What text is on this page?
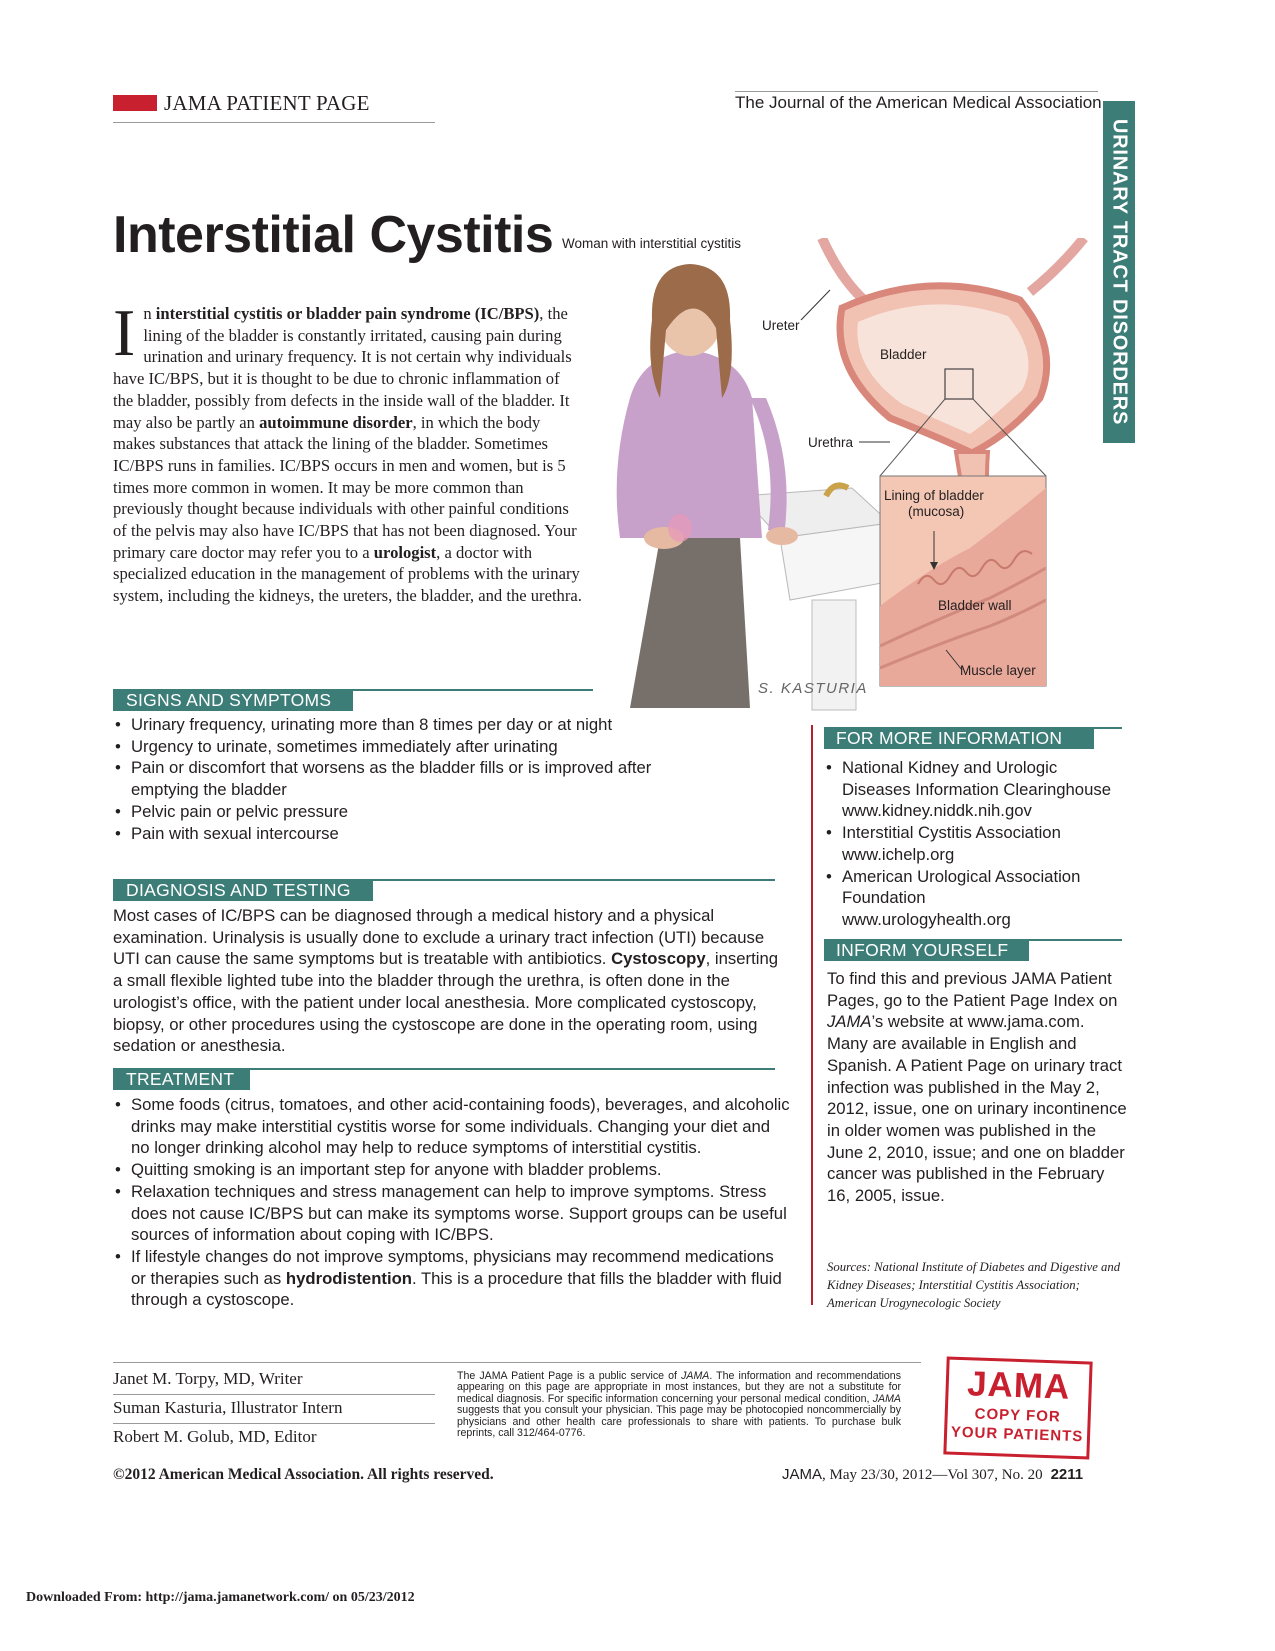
JAMA PATIENT PAGE	The Journal of the American Medical Association
URINARY TRACT DISORDERS
Interstitial Cystitis
In interstitial cystitis or bladder pain syndrome (IC/BPS), the lining of the bladder is constantly irritated, causing pain during urination and urinary frequency. It is not certain why individuals have IC/BPS, but it is thought to be due to chronic inflammation of the bladder, possibly from defects in the inside wall of the bladder. It may also be partly an autoimmune disorder, in which the body makes substances that attack the lining of the bladder. Sometimes IC/BPS runs in families. IC/BPS occurs in men and women, but is 5 times more common in women. It may be more common than previously thought because individuals with other painful conditions of the pelvis may also have IC/BPS that has not been diagnosed. Your primary care doctor may refer you to a urologist, a doctor with specialized education in the management of problems with the urinary system, including the kidneys, the ureters, the bladder, and the urethra.
Woman with interstitial cystitis
Ureter
Bladder
Urethra
Lining of bladder
(mucosa)
Bladder wall
Muscle layer
S. KASTURIA
SIGNS AND SYMPTOMS
• Urinary frequency, urinating more than 8 times per day or at night
• Urgency to urinate, sometimes immediately after urinating
• Pain or discomfort that worsens as the bladder fills or is improved after emptying the bladder
• Pelvic pain or pelvic pressure
• Pain with sexual intercourse
DIAGNOSIS AND TESTING
Most cases of IC/BPS can be diagnosed through a medical history and a physical examination. Urinalysis is usually done to exclude a urinary tract infection (UTI) because UTI can cause the same symptoms but is treatable with antibiotics. Cystoscopy, inserting a small flexible lighted tube into the bladder through the urethra, is often done in the urologist’s office, with the patient under local anesthesia. More complicated cystoscopy, biopsy, or other procedures using the cystoscope are done in the operating room, using sedation or anesthesia.
TREATMENT
• Some foods (citrus, tomatoes, and other acid-containing foods), beverages, and alcoholic drinks may make interstitial cystitis worse for some individuals. Changing your diet and no longer drinking alcohol may help to reduce symptoms of interstitial cystitis.
• Quitting smoking is an important step for anyone with bladder problems.
• Relaxation techniques and stress management can help to improve symptoms. Stress does not cause IC/BPS but can make its symptoms worse. Support groups can be useful sources of information about coping with IC/BPS.
• If lifestyle changes do not improve symptoms, physicians may recommend medications or therapies such as hydrodistention. This is a procedure that fills the bladder with fluid through a cystoscope.
FOR MORE INFORMATION
• National Kidney and Urologic Diseases Information Clearinghouse
www.kidney.niddk.nih.gov
• Interstitial Cystitis Association
www.ichelp.org
• American Urological Association Foundation
www.urologyhealth.org
INFORM YOURSELF
To find this and previous JAMA Patient Pages, go to the Patient Page Index on JAMA’s website at www.jama.com. Many are available in English and Spanish. A Patient Page on urinary tract infection was published in the May 2, 2012, issue, one on urinary incontinence in older women was published in the June 2, 2010, issue; and one on bladder cancer was published in the February 16, 2005, issue.
Sources: National Institute of Diabetes and Digestive and Kidney Diseases; Interstitial Cystitis Association; American Urogynecologic Society
Janet M. Torpy, MD, Writer
Suman Kasturia, Illustrator Intern
Robert M. Golub, MD, Editor
The JAMA Patient Page is a public service of JAMA. The information and recommendations appearing on this page are appropriate in most instances, but they are not a substitute for medical diagnosis. For specific information concerning your personal medical condition, JAMA suggests that you consult your physician. This page may be photocopied noncommercially by physicians and other health care professionals to share with patients. To purchase bulk reprints, call 312/464-0776.
JAMA
COPY FOR
YOUR PATIENTS
©2012 American Medical Association. All rights reserved.	JAMA, May 23/30, 2012—Vol 307, No. 20 2211
Downloaded From: http://jama.jamanetwork.com/ on 05/23/2012
